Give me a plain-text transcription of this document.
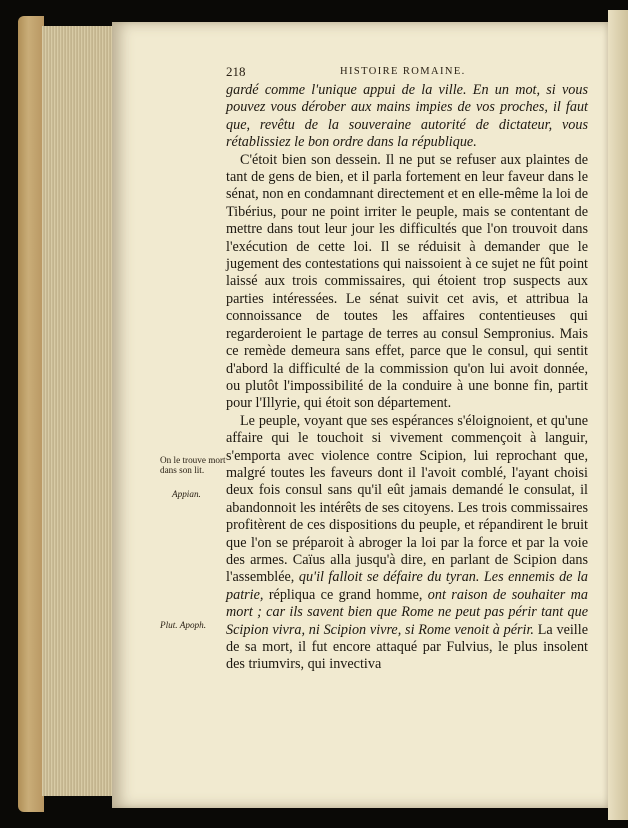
218	HISTOIRE ROMAINE.
On le trouve mort dans son lit.
Appian.
Plut. Apoph.

gardé comme l'unique appui de la ville. En un mot, si vous pouvez vous dérober aux mains impies de vos proches, il faut que, revêtu de la souveraine autorité de dictateur, vous rétablissiez le bon ordre dans la république.

C'étoit bien son dessein. Il ne put se refuser aux plaintes de tant de gens de bien, et il parla fortement en leur faveur dans le sénat, non en condamnant directement et en elle-même la loi de Tibérius, pour ne point irriter le peuple, mais se contentant de mettre dans tout leur jour les difficultés que l'on trouvoit dans l'exécution de cette loi. Il se réduisit à demander que le jugement des contestations qui naissoient à ce sujet ne fût point laissé aux trois commissaires, qui étoient trop suspects aux parties intéressées. Le sénat suivit cet avis, et attribua la connoissance de toutes les affaires contentieuses qui regarderoient le partage de terres au consul Sempronius. Mais ce remède demeura sans effet, parce que le consul, qui sentit d'abord la difficulté de la commission qu'on lui avoit donnée, ou plutôt l'impossibilité de la conduire à une bonne fin, partit pour l'Illyrie, qui étoit son département.

Le peuple, voyant que ses espérances s'éloignoient, et qu'une affaire qui le touchoit si vivement commençoit à languir, s'emporta avec violence contre Scipion, lui reprochant que, malgré toutes les faveurs dont il l'avoit comblé, l'ayant choisi deux fois consul sans qu'il eût jamais demandé le consulat, il abandonnoit les intérêts de ses citoyens. Les trois commissaires profitèrent de ces dispositions du peuple, et répandirent le bruit que l'on se préparoit à abroger la loi par la force et par la voie des armes. Caïus alla jusqu'à dire, en parlant de Scipion dans l'assemblée, qu'il falloit se défaire du tyran. Les ennemis de la patrie, répliqua ce grand homme, ont raison de souhaiter ma mort ; car ils savent bien que Rome ne peut pas périr tant que Scipion vivra, ni Scipion vivre, si Rome venoit à périr. La veille de sa mort, il fut encore attaqué par Fulvius, le plus insolent des triumvirs, qui invectiva
